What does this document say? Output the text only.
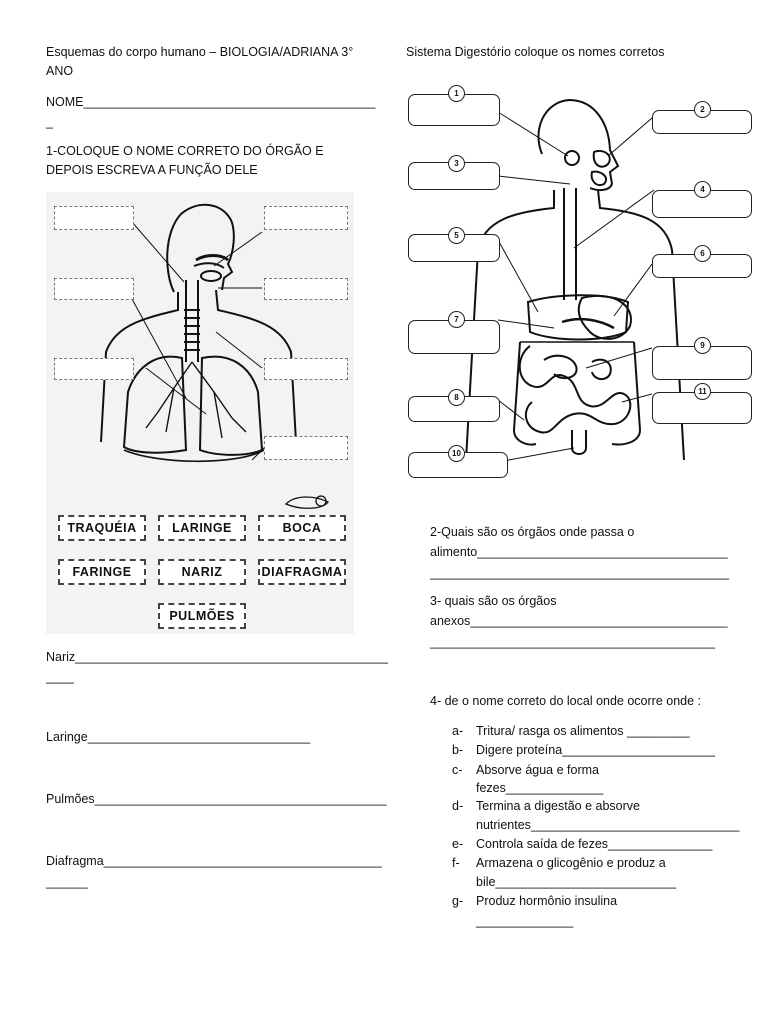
Esquemas do corpo humano – BIOLOGIA/ADRIANA 3° ANO
NOME__________________________________________
_
1-COLOQUE O NOME CORRETO DO ÓRGÃO E DEPOIS ESCREVA A FUNÇÃO DELE
TRAQUÉIA	LARINGE	BOCA
FARINGE	NARIZ	DIAFRAGMA
PULMÕES
Nariz_____________________________________________
____
Laringe________________________________
Pulmões__________________________________________
Diafragma________________________________________
______
Sistema Digestório coloque os nomes corretos
1
2
3
4
5
6
7
8
9
10
11
2-Quais são os órgãos onde passa o
alimento____________________________________
___________________________________________
3- quais são os órgãos
anexos_____________________________________
_________________________________________
4- de o nome correto do local onde ocorre onde :
a- Tritura/ rasga os alimentos _________
b- Digere proteína______________________
c- Absorve água e forma
fezes______________
d- Termina a digestão e absorve
nutrientes______________________________
e- Controla saída de fezes_______________
f- Armazena o glicogênio e produz a
bile__________________________
g- Produz hormônio insulina
______________
